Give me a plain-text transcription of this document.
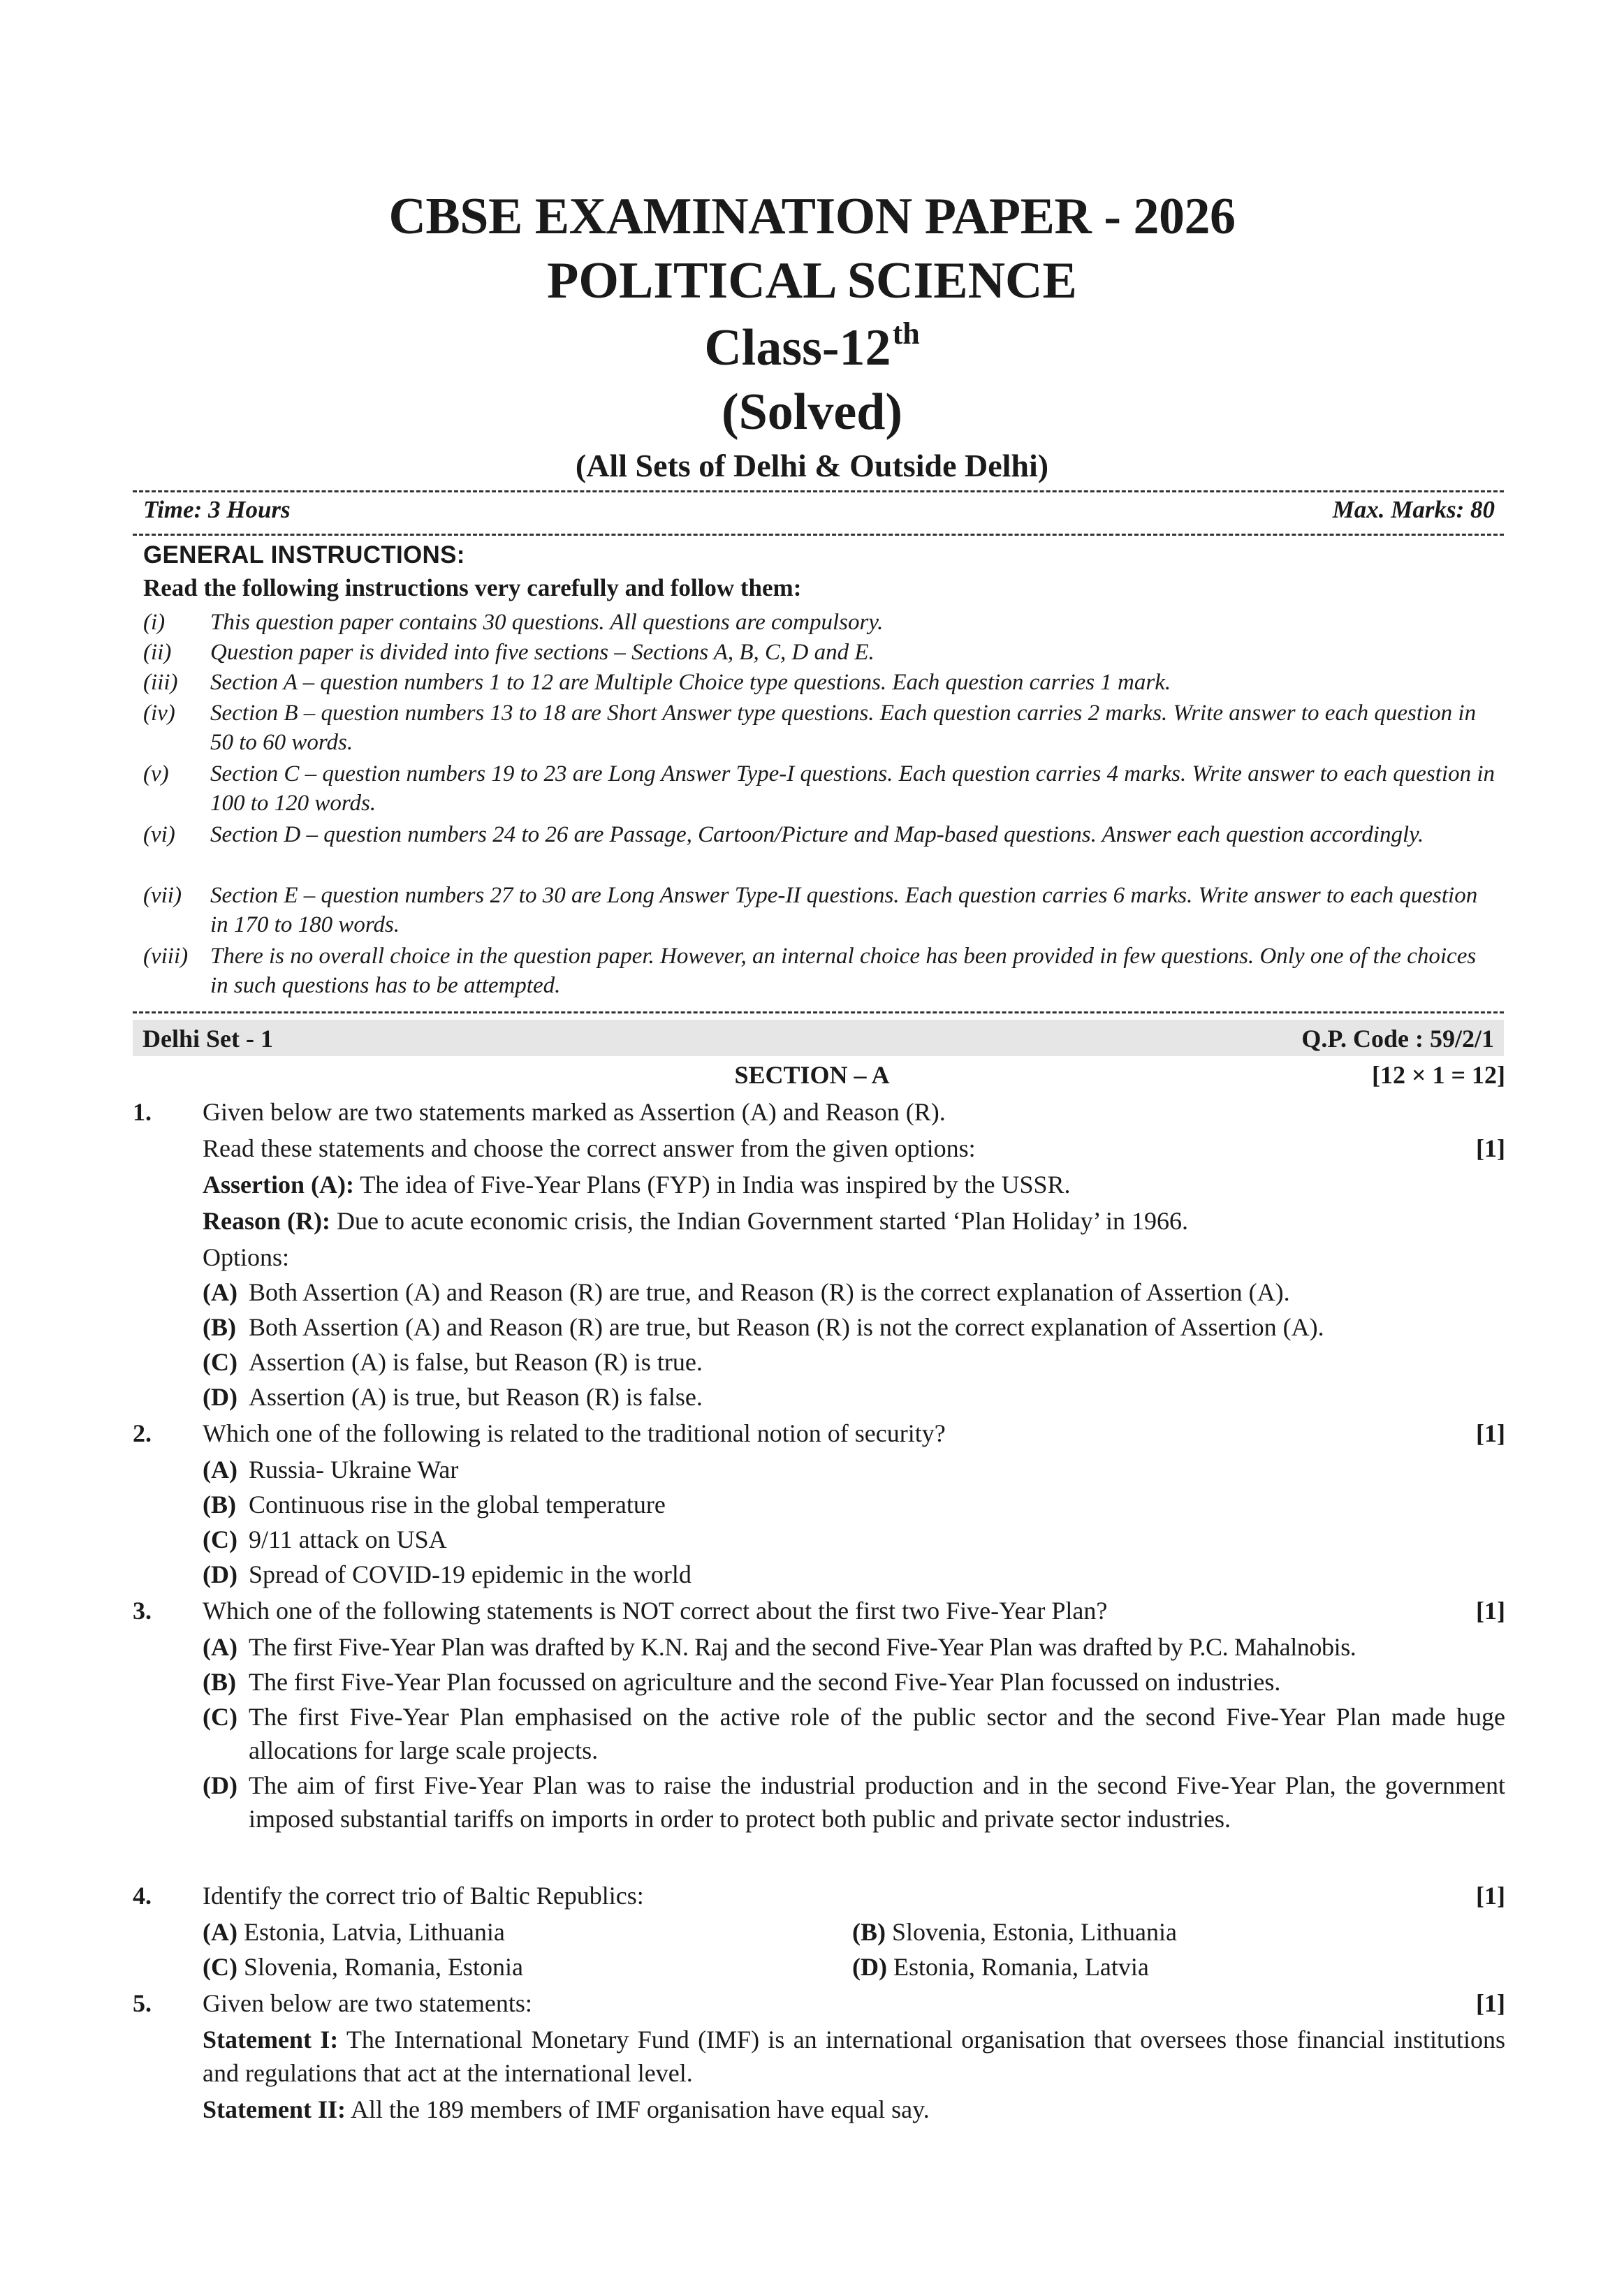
CBSE EXAMINATION PAPER - 2026
POLITICAL SCIENCE
Class-12th
(Solved)
(All Sets of Delhi & Outside Delhi)
Time: 3 Hours	Max. Marks: 80
GENERAL INSTRUCTIONS:
Read the following instructions very carefully and follow them:
(i)	This question paper contains 30 questions. All questions are compulsory.
(ii)	Question paper is divided into five sections – Sections A, B, C, D and E.
(iii)	Section A – question numbers 1 to 12 are Multiple Choice type questions. Each question carries 1 mark.
(iv)	Section B – question numbers 13 to 18 are Short Answer type questions. Each question carries 2 marks. Write answer to each question in 50 to 60 words.
(v)	Section C – question numbers 19 to 23 are Long Answer Type-I questions. Each question carries 4 marks. Write answer to each question in 100 to 120 words.
(vi)	Section D – question numbers 24 to 26 are Passage, Cartoon/Picture and Map-based questions. Answer each question accordingly.
(vii)	Section E – question numbers 27 to 30 are Long Answer Type-II questions. Each question carries 6 marks. Write answer to each question in 170 to 180 words.
(viii) There is no overall choice in the question paper. However, an internal choice has been provided in few questions. Only one of the choices in such questions has to be attempted.
Delhi Set - 1	Q.P. Code : 59/2/1
SECTION – A	[12 × 1 = 12]
1. Given below are two statements marked as Assertion (A) and Reason (R).
Read these statements and choose the correct answer from the given options:	[1]
Assertion (A): The idea of Five-Year Plans (FYP) in India was inspired by the USSR.
Reason (R): Due to acute economic crisis, the Indian Government started ‘Plan Holiday’ in 1966.
Options:
(A) Both Assertion (A) and Reason (R) are true, and Reason (R) is the correct explanation of Assertion (A).
(B) Both Assertion (A) and Reason (R) are true, but Reason (R) is not the correct explanation of Assertion (A).
(C) Assertion (A) is false, but Reason (R) is true.
(D) Assertion (A) is true, but Reason (R) is false.
2. Which one of the following is related to the traditional notion of security?	[1]
(A) Russia- Ukraine War
(B) Continuous rise in the global temperature
(C) 9/11 attack on USA
(D) Spread of COVID-19 epidemic in the world
3. Which one of the following statements is NOT correct about the first two Five-Year Plan?	[1]
(A) The first Five-Year Plan was drafted by K.N. Raj and the second Five-Year Plan was drafted by P.C. Mahalnobis.
(B) The first Five-Year Plan focussed on agriculture and the second Five-Year Plan focussed on industries.
(C) The first Five-Year Plan emphasised on the active role of the public sector and the second Five-Year Plan made huge allocations for large scale projects.
(D) The aim of first Five-Year Plan was to raise the industrial production and in the second Five-Year Plan, the government imposed substantial tariffs on imports in order to protect both public and private sector industries.
4. Identify the correct trio of Baltic Republics:	[1]
(A) Estonia, Latvia, Lithuania	(B) Slovenia, Estonia, Lithuania
(C) Slovenia, Romania, Estonia	(D) Estonia, Romania, Latvia
5. Given below are two statements:	[1]
Statement I: The International Monetary Fund (IMF) is an international organisation that oversees those financial institutions and regulations that act at the international level.
Statement II: All the 189 members of IMF organisation have equal say.
